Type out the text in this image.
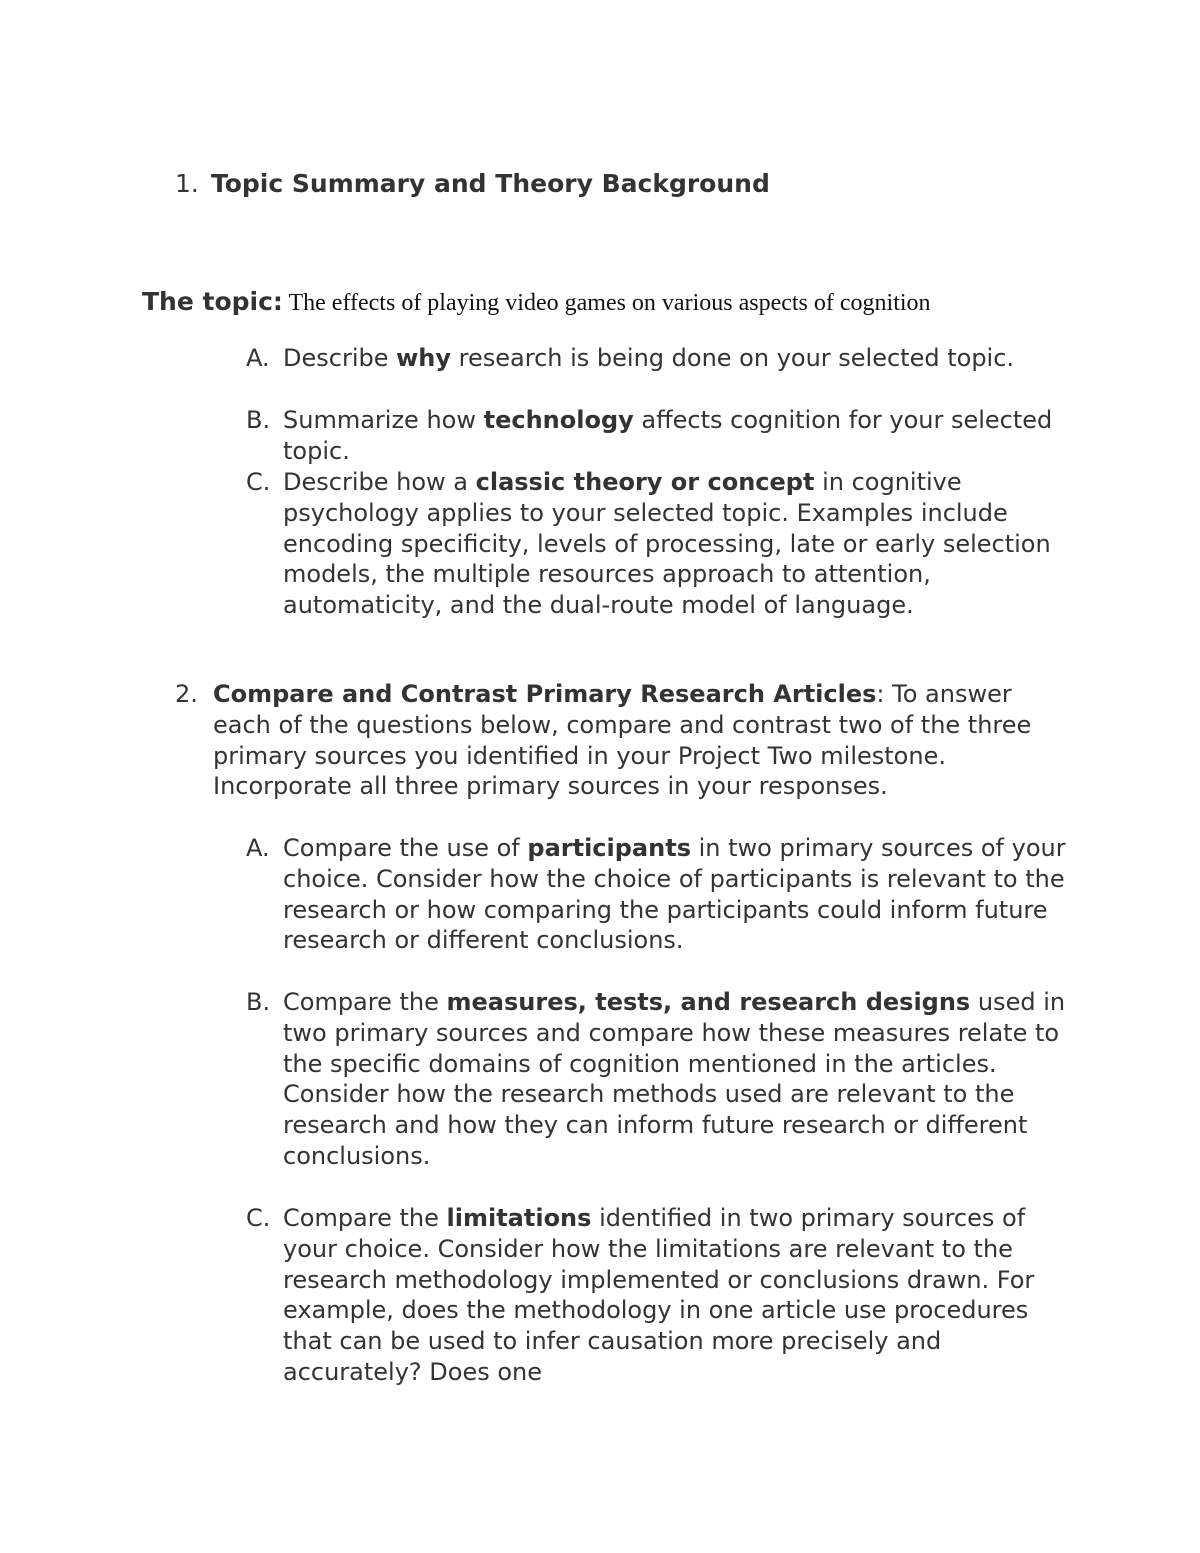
1. Topic Summary and Theory Background
The topic: The effects of playing video games on various aspects of cognition

A. Describe why research is being done on your selected topic.

B. Summarize how technology affects cognition for your selected topic.

C. Describe how a classic theory or concept in cognitive psychology applies to your selected topic. Examples include encoding specificity, levels of processing, late or early selection models, the multiple resources approach to attention, automaticity, and the dual-route model of language.

2. Compare and Contrast Primary Research Articles: To answer each of the questions below, compare and contrast two of the three primary sources you identified in your Project Two milestone. Incorporate all three primary sources in your responses.

A. Compare the use of participants in two primary sources of your choice. Consider how the choice of participants is relevant to the research or how comparing the participants could inform future research or different conclusions.

B. Compare the measures, tests, and research designs used in two primary sources and compare how these measures relate to the specific domains of cognition mentioned in the articles. Consider how the research methods used are relevant to the research and how they can inform future research or different conclusions.

C. Compare the limitations identified in two primary sources of your choice. Consider how the limitations are relevant to the research methodology implemented or conclusions drawn. For example, does the methodology in one article use procedures that can be used to infer causation more precisely and accurately? Does one
